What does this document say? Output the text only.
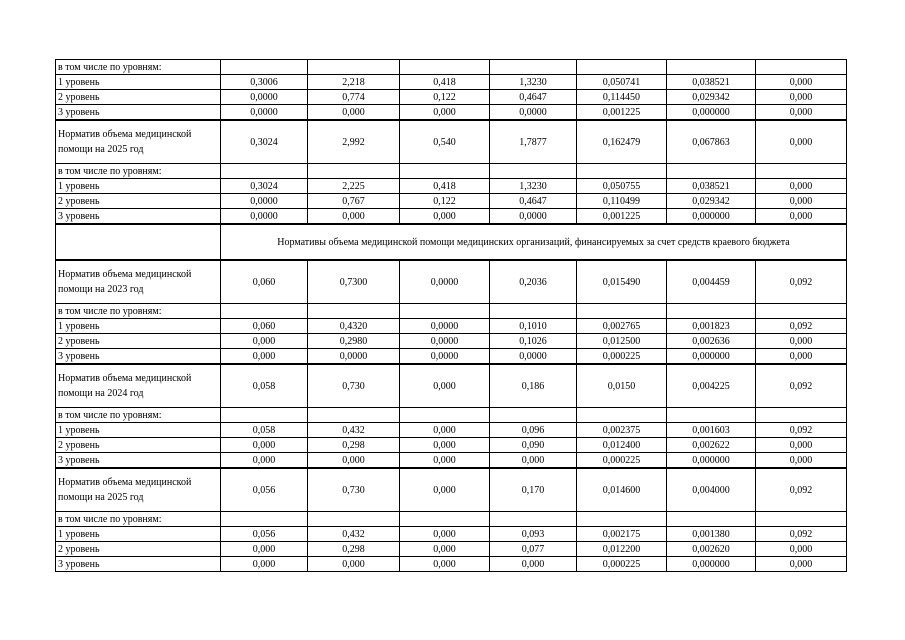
в том числе по уровням:							
1 уровень	0,3006	2,218	0,418	1,3230	0,050741	0,038521	0,000
2 уровень	0,0000	0,774	0,122	0,4647	0,114450	0,029342	0,000
3 уровень	0,0000	0,000	0,000	0,0000	0,001225	0,000000	0,000
Норматив объема медицинской помощи на 2025 год	0,3024	2,992	0,540	1,7877	0,162479	0,067863	0,000
в том числе по уровням:							
1 уровень	0,3024	2,225	0,418	1,3230	0,050755	0,038521	0,000
2 уровень	0,0000	0,767	0,122	0,4647	0,110499	0,029342	0,000
3 уровень	0,0000	0,000	0,000	0,0000	0,001225	0,000000	0,000
	Нормативы объема медицинской помощи медицинских организаций, финансируемых за счет средств краевого бюджета						
Норматив объема медицинской помощи на 2023 год	0,060	0,7300	0,0000	0,2036	0,015490	0,004459	0,092
в том числе по уровням:							
1 уровень	0,060	0,4320	0,0000	0,1010	0,002765	0,001823	0,092
2 уровень	0,000	0,2980	0,0000	0,1026	0,012500	0,002636	0,000
3 уровень	0,000	0,0000	0,0000	0,0000	0,000225	0,000000	0,000
Норматив объема медицинской помощи на 2024 год	0,058	0,730	0,000	0,186	0,0150	0,004225	0,092
в том числе по уровням:							
1 уровень	0,058	0,432	0,000	0,096	0,002375	0,001603	0,092
2 уровень	0,000	0,298	0,000	0,090	0,012400	0,002622	0,000
3 уровень	0,000	0,000	0,000	0,000	0,000225	0,000000	0,000
Норматив объема медицинской помощи на 2025 год	0,056	0,730	0,000	0,170	0,014600	0,004000	0,092
в том числе по уровням:							
1 уровень	0,056	0,432	0,000	0,093	0,002175	0,001380	0,092
2 уровень	0,000	0,298	0,000	0,077	0,012200	0,002620	0,000
3 уровень	0,000	0,000	0,000	0,000	0,000225	0,000000	0,000
